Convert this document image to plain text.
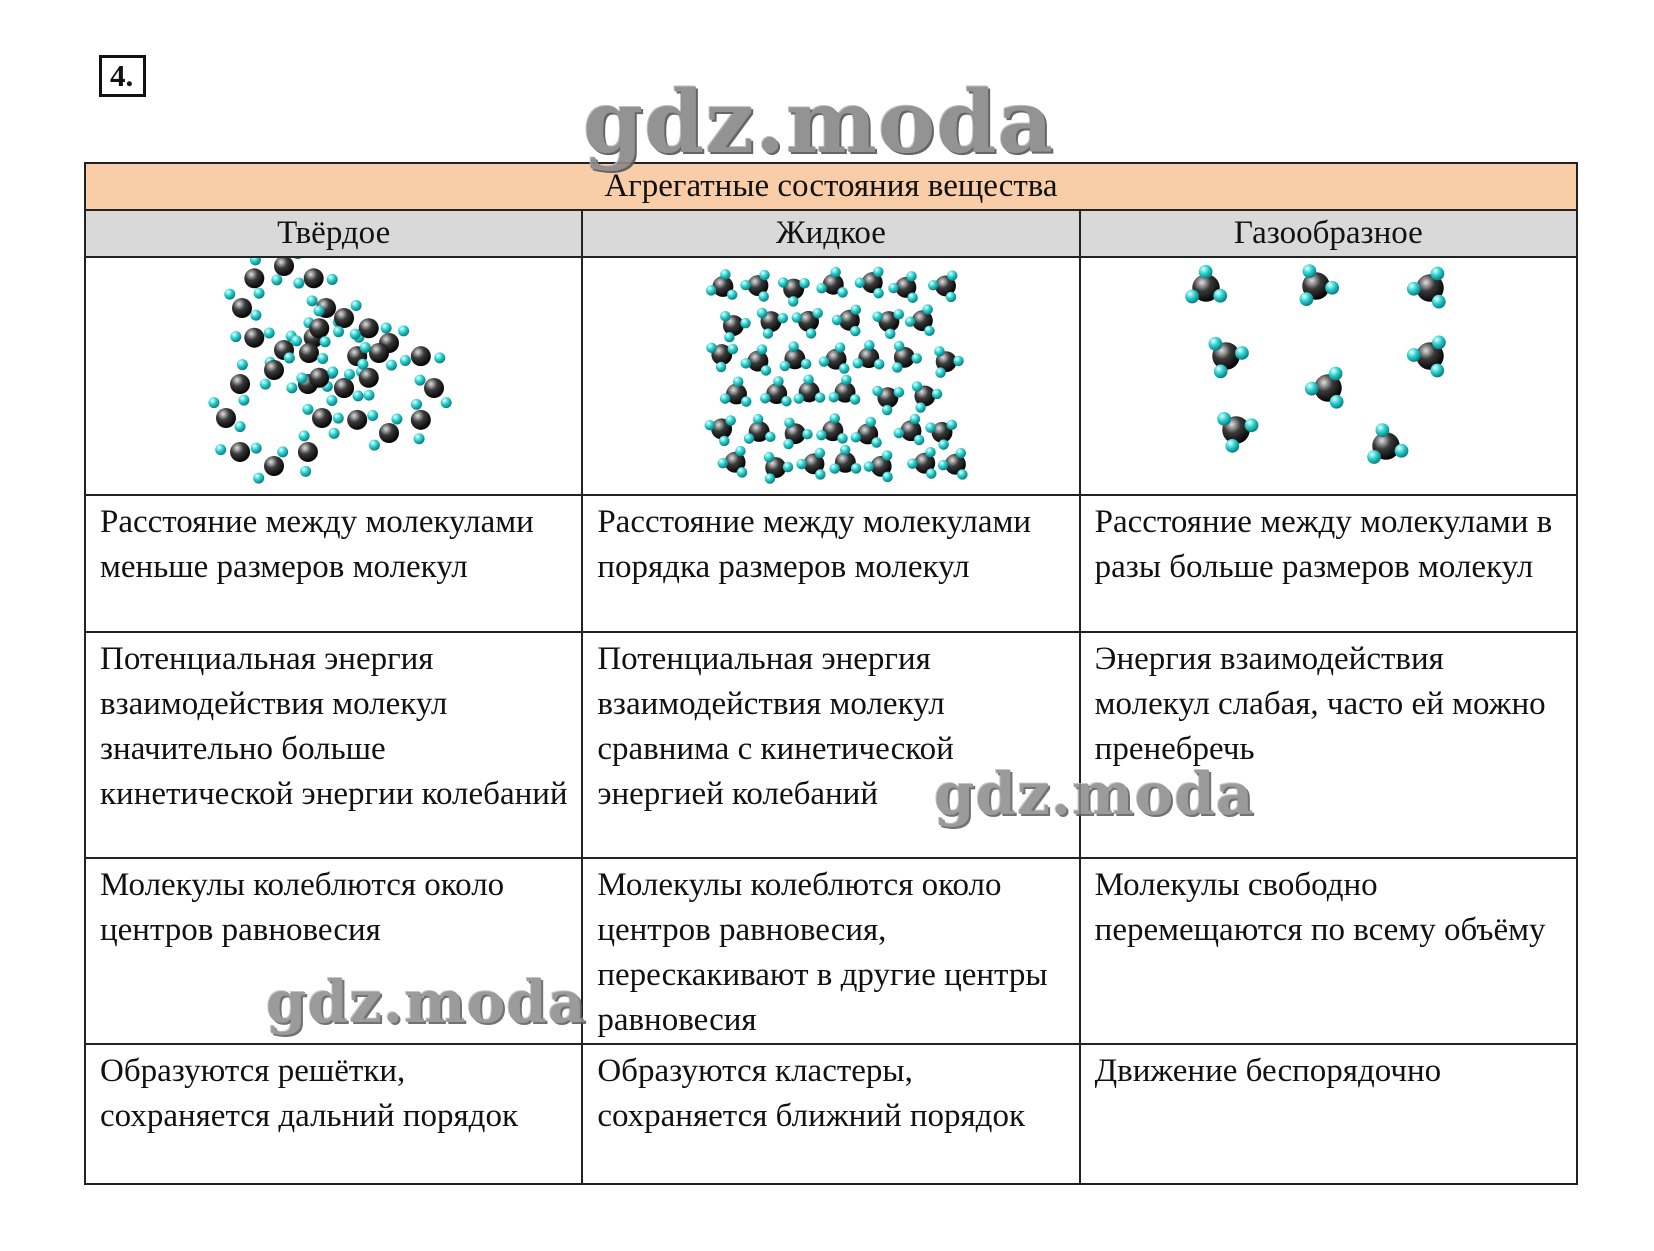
4.
Агрегатные состояния вещества		
Твёрдое	Жидкое	Газообразное

Расстояние между молекулами меньше размеров молекул	Расстояние между молекулами порядка размеров молекул	Расстояние между молекулами в разы больше размеров молекул
Потенциальная энергия взаимодействия молекул значительно больше кинетической энергии колебаний	Потенциальная энергия взаимодействия молекул сравнима с кинетической энергией колебаний	Энергия взаимодействия молекул слабая, часто ей можно пренебречь
Молекулы колеблются около центров равновесия	Молекулы колеблются около центров равновесия, перескакивают в другие центры равновесия	Молекулы свободно перемещаются по всему объёму
Образуются решётки, сохраняется дальний порядок	Образуются кластеры, сохраняется ближний порядок	Движение беспорядочно
gdz.moda
gdz.moda
gdz.moda
